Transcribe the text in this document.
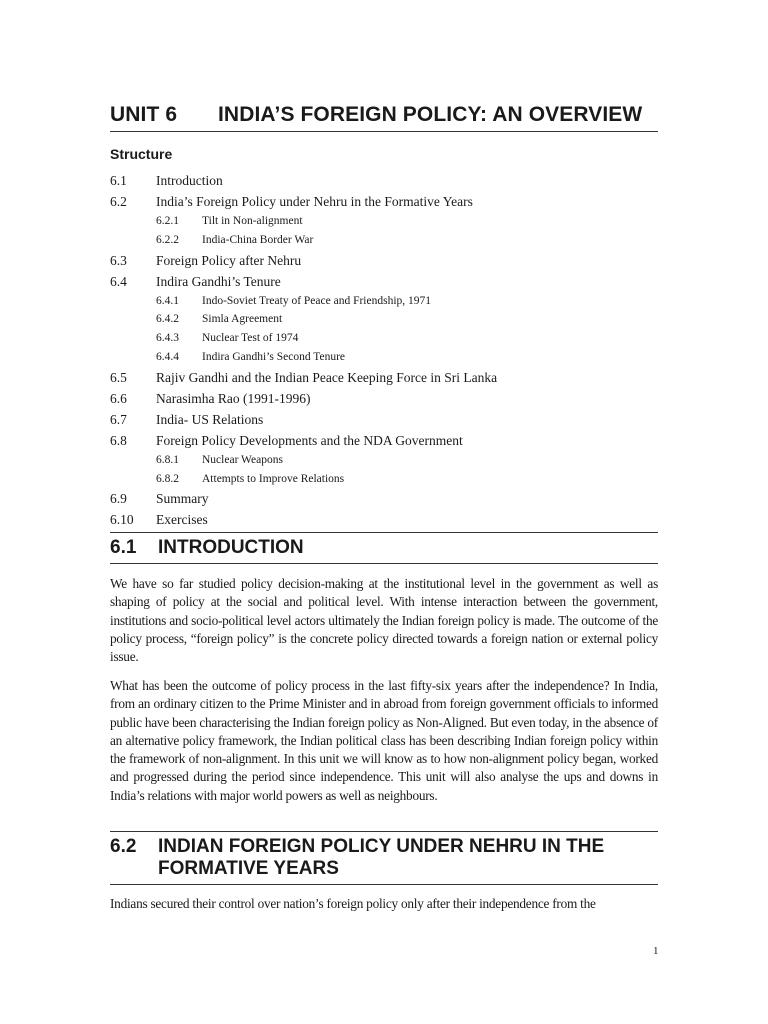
UNIT 6 INDIA’S FOREIGN POLICY: AN OVERVIEW
Structure
6.1 Introduction
6.2 India’s Foreign Policy under Nehru in the Formative Years
6.2.1 Tilt in Non-alignment
6.2.2 India-China Border War
6.3 Foreign Policy after Nehru
6.4 Indira Gandhi’s Tenure
6.4.1 Indo-Soviet Treaty of Peace and Friendship, 1971
6.4.2 Simla Agreement
6.4.3 Nuclear Test of 1974
6.4.4 Indira Gandhi’s Second Tenure
6.5 Rajiv Gandhi and the Indian Peace Keeping Force in Sri Lanka
6.6 Narasimha Rao (1991-1996)
6.7 India- US Relations
6.8 Foreign Policy Developments and the NDA Government
6.8.1 Nuclear Weapons
6.8.2 Attempts to Improve Relations
6.9 Summary
6.10 Exercises
6.1 INTRODUCTION
We have so far studied policy decision-making at the institutional level in the government as well as shaping of policy at the social and political level. With intense interaction between the government, institutions and socio-political level actors ultimately the Indian foreign policy is made. The outcome of the policy process, “foreign policy” is the concrete policy directed towards a foreign nation or external policy issue.
What has been the outcome of policy process in the last fifty-six years after the independence? In India, from an ordinary citizen to the Prime Minister and in abroad from foreign government officials to informed public have been characterising the Indian foreign policy as Non-Aligned. But even today, in the absence of an alternative policy framework, the Indian political class has been describing Indian foreign policy within the framework of non-alignment. In this unit we will know as to how non-alignment policy began, worked and progressed during the period since independence. This unit will also analyse the ups and downs in India’s relations with major world powers as well as neighbours.
6.2 INDIAN FOREIGN POLICY UNDER NEHRU IN THE FORMATIVE YEARS
Indians secured their control over nation’s foreign policy only after their independence from the
1
